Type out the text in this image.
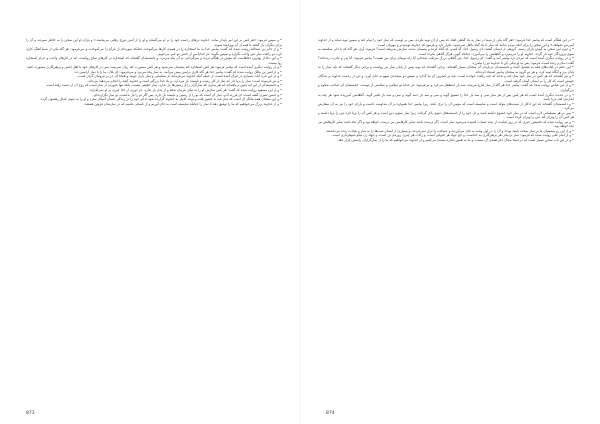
• در این هنگام است که پیامبر خدا فرمود: «هر گاه یکی از شما در نماز به یاد گناهی افتاد که پس از آن توبه نکرده، پس بر اوست که نماز خود را تمام کند و سپس توبه نماید و از خداوند آمرزش بخواهد.» و این سخن را برای آنکه مردم بدانند که نماز با یاد گناه باطل نمی‌شود، تکرار کرد و فرمود که خداوند توبه‌پذیر و مهربان است.

• و چون این سخن به گوش یاران رسید، گروهی از ایشان گفتند: ای رسول خدا، آیا کسی که گناه کرده و پشیمان شده، نمازش پذیرفته است؟ فرمود: آری، هر گاه که با دلی شکسته به سوی پروردگار خود باز گردد، خداوند او را می‌پذیرد و گناهانش را می‌آمرزد، چنانکه گویی هرگز گناهی نکرده است.

• و در روایت دیگری آمده است که مردی نزد پیامبر آمد و گفت: ای رسول خدا، من گناهی بزرگ مرتکب شده‌ام، آیا راه توبه‌ای برای من هست؟ پیامبر فرمود: آیا پدر و مادرت زنده‌اند؟ گفت: مادرم زنده است. فرمود: پس به او نیکی کن تا خداوند تو را بیامرزد.

• این حکم در کتاب‌های فقه به تفصیل آمده و دانشمندان درباره‌ی آن سخنان بسیار گفته‌اند. برخی گفته‌اند که توبه پیش از پایان نماز نیز رواست و برخی دیگر گفته‌اند که باید نماز را به پایان برد و آنگاه توبه کرد، و هر دو گروه به سخنان پیامبر استناد کرده‌اند.

• و نیز گفته‌اند که هر کس در نماز خود شک کند و نداند که چند رکعت خوانده است، باید بر کمترین آن بنا گذارد و سپس دو سجده‌ی سهو به جای آورد، و این از رحمت خداوند بر بندگان خویش است که کار را بر ایشان آسان گرفته است.

• و از ابن عباس روایت شده که گفت: پیامبر خدا هر گاه از نماز فارغ می‌شد، سه بار استغفار می‌کرد و می‌فرمود: بار خدایا تو سلامی و سلامتی از توست، خجسته‌ای ای صاحب شکوه و بزرگواری.

• و در حدیث دیگری آمده است که هر کس پس از هر نماز سی و سه بار خدا را تسبیح گوید و سی و سه بار حمد گوید و سی و سه بار تکبیر گوید، گناهانش آمرزیده شود هر چند به اندازه‌ی کف دریا باشد.

• و دانشمندان گفته‌اند که این اذکار از سنت‌های مؤکد است و شایسته است که مؤمن آن را ترک نکند، زیرا پیامبر خدا همواره بر آن مداومت داشت و یاران خود را نیز به آن سفارش می‌کرد.

• پس بر هر مسلمانی لازم است که در نماز خود خشوع داشته باشد و دل خود را از اندیشه‌های دنیوی پاک گرداند، زیرا نماز ستون دین است و هر کس آن را برپا دارد دین را برپا داشته و هر کس آن را ویران کند دین را ویران کرده است.

• و نیز روایت شده که نخستین چیزی که در روز قیامت از بنده حساب کشیده می‌شود نماز است، اگر درست باشد سایر کارهایش نیز درست خواهد بود و اگر تباه باشد سایر کارهایش نیز تباه خواهد بود.

• و از این رو پیشینیان ما بر نماز سخت پایبند بودند و آن را در اول وقت به جای می‌آوردند و جماعت را ترک نمی‌کردند، و بسیاری از ایشان شب‌ها را به نماز و عبادت زنده می‌داشتند.

• و از امام علی روایت شده که فرمود: نماز نزدیکی هر پرهیزگاری به خداست، و حج جهاد هر ناتوانی است، و زکات هر چیزی روزه‌ی تن است، و جهاد زن نیکو شوهرداری است.

• و در این باب سخن بسیار است که در اینجا مجال ذکر همه‌ی آن نیست، و ما به همین اندازه بسنده می‌کنیم و از خداوند می‌خواهیم که ما را از نمازگزاران راستین قرار دهد.

874

• و سپس فرمود: «هر کس بر این امر پایدار بماند، خداوند درهای رحمت خود را بر او می‌گشاید و او را از آتش دوزخ رهایی می‌بخشد.» و یاران او این سخن را به خاطر سپردند و آن را برای دیگران باز گفتند تا همه از آن بهره‌مند شوند.

• و از جابر بن عبدالله روایت شده که گفت: پیامبر خدا به ما استخاره را در همه‌ی کارها می‌آموخت چنانکه سوره‌ای از قرآن را می‌آموخت، و می‌فرمود: هر گاه یکی از شما آهنگ کاری کرد، دو رکعت نماز غیر واجب بگزارد و سپس بگوید: بار خدایا من از دانش تو خیر می‌جویم.

• و این دعا از بهترین دعاهاست که مؤمن در هنگام تردید و سرگردانی به آن پناه می‌برد، و دانشمندان گفته‌اند که استخاره در کارهای مباح رواست، اما در کارهای واجب و حرام استخاره روا نیست.

• و در روایت دیگری آمده است که پیامبر فرمود: هر کس استخاره کند پشیمان نمی‌شود و هر کس مشورت کند زیان نمی‌بیند، پس در کارهای خود با اهل دانش و پرهیزگاری مشورت کنید.

• و از انس بن مالک روایت شده که گفت: پیامبر خدا هر گاه کاری برایش پیش می‌آمد، به نماز پناه می‌برد و می‌فرمود: ای بلال، ما را با نماز آرامش ده.

• و در این باره آیات بسیاری در قرآن آمده است، از جمله آنکه خداوند می‌فرماید: از شکیبایی و نماز یاری جویید و همانا آن جز بر فروتنان گران است.

• و نیز فرموده است: نماز را برپا دار که نماز از کار زشت و ناپسند باز می‌دارد، و یاد خدا بزرگتر است و خداوند آنچه را انجام می‌دهید می‌داند.

• و دانشمندان از این آیه چنین دریافته‌اند که هر نمازی که نمازگزار را از زشتی‌ها باز ندارد، نماز حقیقی نیست، بلکه تنها صورتی از نماز است که روح آن از دست رفته است.

• و از ابن مسعود روایت شده که گفت: هر کس نمازش او را به نیکی فرمان ندهد و از بدی باز ندارد، جز دوری از خدا چیزی بر او نمی‌افزاید.

• و حسن بصری گفته است: ای فرزند آدم، نماز آن است که تو را از زشتی و ناپسند باز دارد، پس اگر تو را باز نداشت، تو نماز نگزارده‌ای.

• و این سخنان همه بیانگر آن است که نماز باید با حضور قلب و توجه کامل به خداوند گزارده شود تا اثر خود را در زندگی انسان آشکار سازد و او را به سوی کمال رهنمون گردد.

• و از خداوند بزرگ می‌خواهیم که ما را توفیق دهد تا نماز را چنانکه شایسته است به جای آوریم و از کسانی باشیم که در نمازشان فروتن هستند.

873
